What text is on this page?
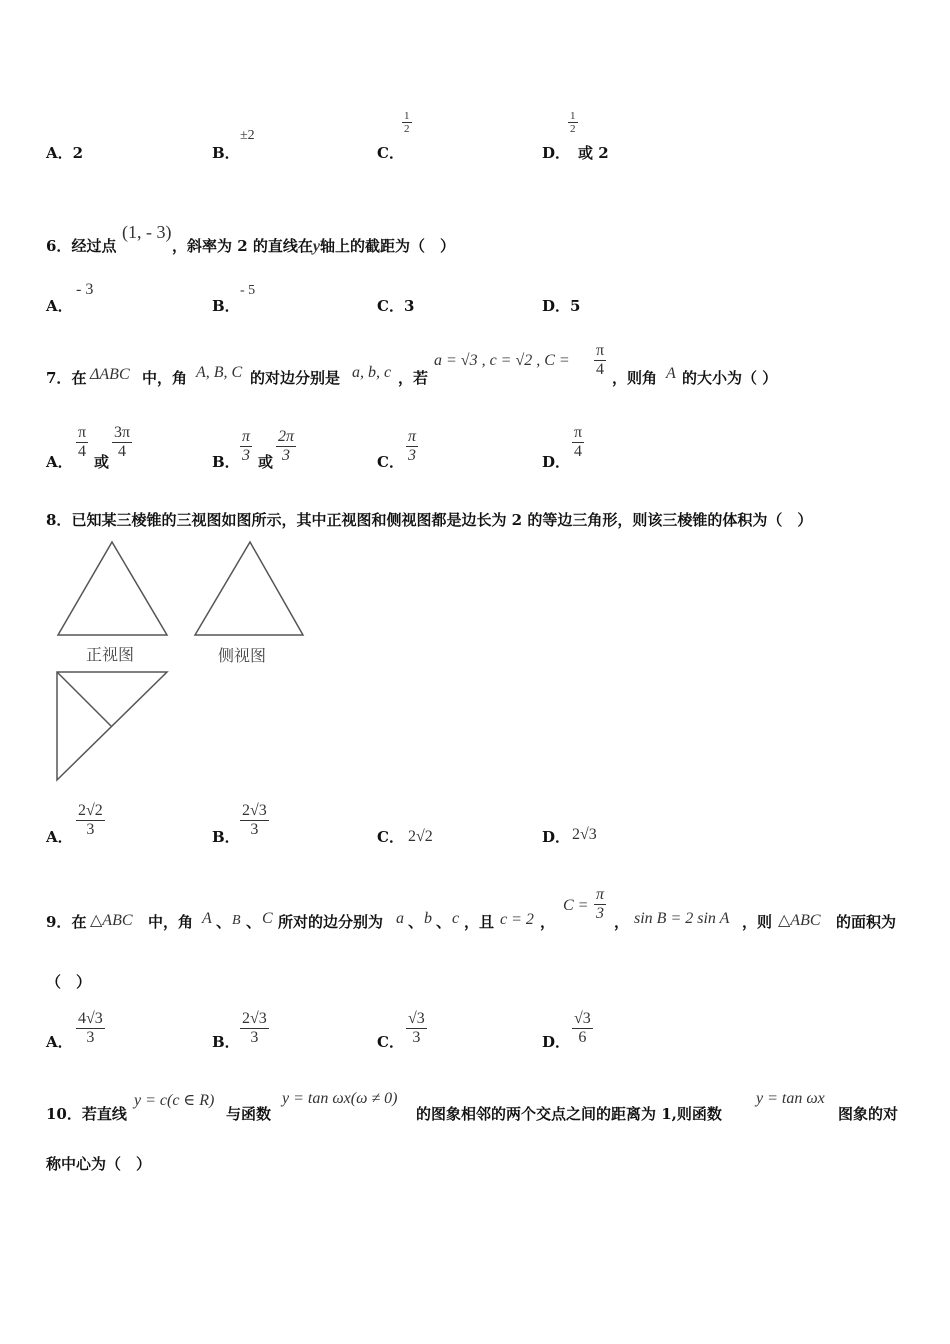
A．2	B．
±2
C．
$\frac{1}{2}$
D．
$\frac{1}{2}$
或 2
6．经过点
(1, - 3)
，斜率为 2 的直线在y轴上的截距为（　）
A．
- 3
B．
- 5
C．3	D．5
7．在 ΔABC 中，角 A, B, C 的对边分别是 a, b, c ，若
a = √3 , c = √2 , $C = \frac{\pi}{4}$ ，则角 A 的大小为（ ）
A．
$\frac{\pi}{4}$
或
$\frac{3\pi}{4}$
B． $\frac{\pi}{3}$ 或 $\frac{2\pi}{3}$	C． $\frac{\pi}{3}$	D．
$\frac{\pi}{4}$
8．已知某三棱锥的三视图如图所示，其中正视图和侧视图都是边长为 2 的等边三角形，则该三棱锥的体积为（　）
正视图	侧视图
A． $\frac{2√2}{3}$	B． $\frac{2√3}{3}$	C． 2√2	D． 2√3
9．在 △ABC 中，角 A 、 B 、 C 所对的边分别为 a 、 b 、 c ，且 c = 2 ，
$C = \frac{\pi}{3}$ ， sin B = 2 sin A ，则 △ABC 的面积为
（　）
A． $\frac{4√3}{3}$	B． $\frac{2√3}{3}$	C． $\frac{√3}{3}$	D． $\frac{√3}{6}$
10．若直线
y = c(c ∈ R)
与函数
y = tan ωx(ω ≠ 0)
的图象相邻的两个交点之间的距离为 1,则函数
y = tan ωx
图象的对
称中心为（　）
